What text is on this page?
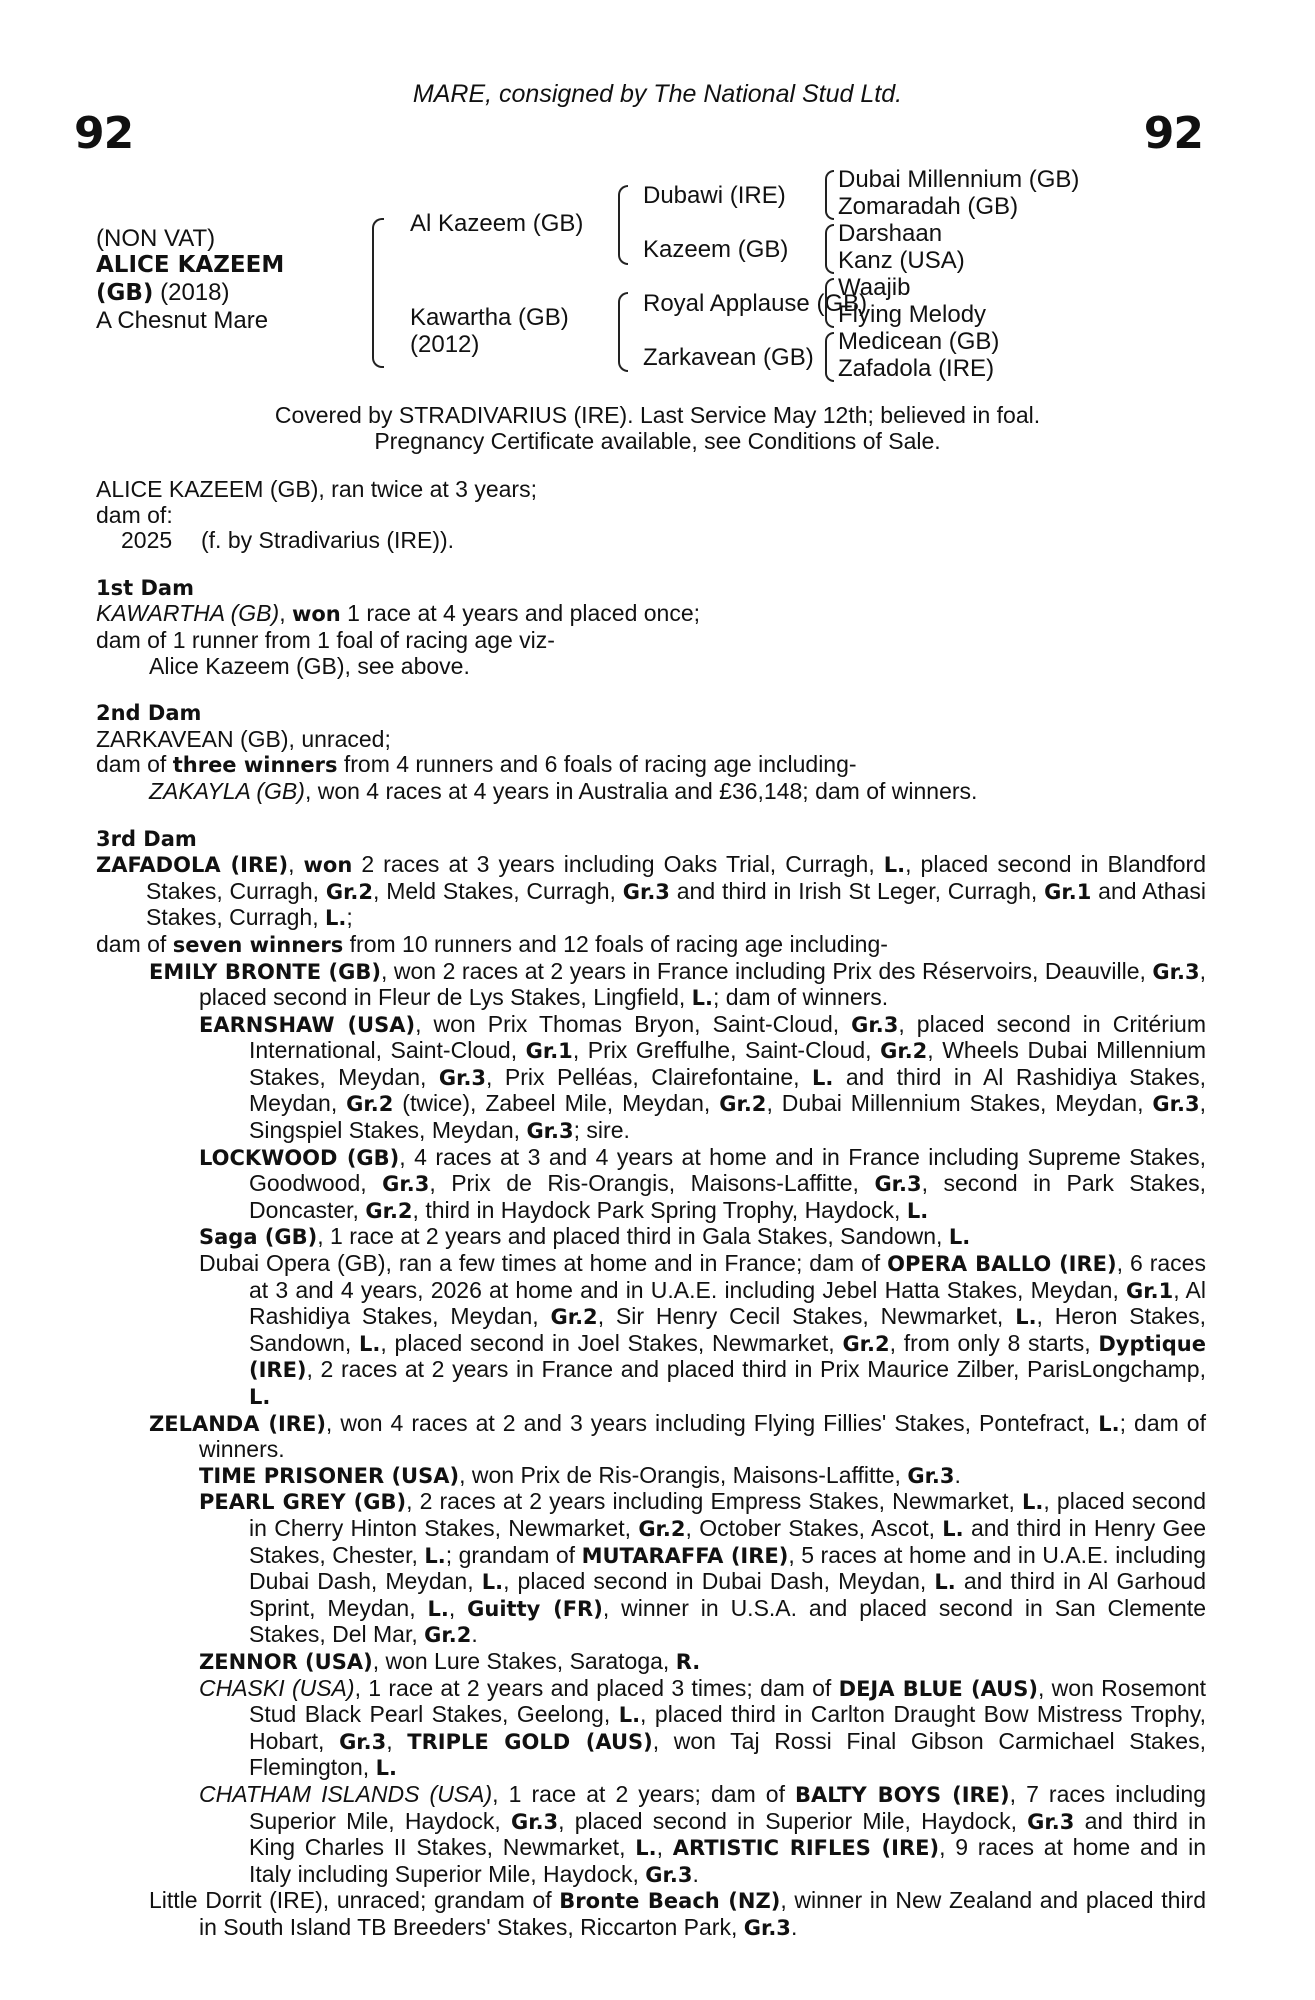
MARE, consigned by The National Stud Ltd.
92	92
(NON VAT)
ALICE KAZEEM
(GB) (2018)
A Chesnut Mare
Al Kazeem (GB)
Kawartha (GB)
(2012)
Dubawi (IRE)
Kazeem (GB)
Royal Applause (GB)
Zarkavean (GB)
Dubai Millennium (GB)
Zomaradah (GB)
Darshaan
Kanz (USA)
Waajib
Flying Melody
Medicean (GB)
Zafadola (IRE)
Covered by STRADIVARIUS (IRE). Last Service May 12th; believed in foal.
Pregnancy Certificate available, see Conditions of Sale.

ALICE KAZEEM (GB), ran twice at 3 years;

dam of:

2025 (f. by Stradivarius (IRE)).

1st Dam

KAWARTHA (GB), won 1 race at 4 years and placed once;

dam of 1 runner from 1 foal of racing age viz-

Alice Kazeem (GB), see above.

2nd Dam

ZARKAVEAN (GB), unraced;

dam of three winners from 4 runners and 6 foals of racing age including-

ZAKAYLA (GB), won 4 races at 4 years in Australia and £36,148; dam of winners.

3rd Dam

ZAFADOLA (IRE), won 2 races at 3 years including Oaks Trial, Curragh, L., placed second in Blandford Stakes, Curragh, Gr.2, Meld Stakes, Curragh, Gr.3 and third in Irish St Leger, Curragh, Gr.1 and Athasi Stakes, Curragh, L.;

dam of seven winners from 10 runners and 12 foals of racing age including-

EMILY BRONTE (GB), won 2 races at 2 years in France including Prix des Réservoirs, Deauville, Gr.3, placed second in Fleur de Lys Stakes, Lingfield, L.; dam of winners.

EARNSHAW (USA), won Prix Thomas Bryon, Saint-Cloud, Gr.3, placed second in Critérium International, Saint-Cloud, Gr.1, Prix Greffulhe, Saint-Cloud, Gr.2, Wheels Dubai Millennium Stakes, Meydan, Gr.3, Prix Pelléas, Clairefontaine, L. and third in Al Rashidiya Stakes, Meydan, Gr.2 (twice), Zabeel Mile, Meydan, Gr.2, Dubai Millennium Stakes, Meydan, Gr.3, Singspiel Stakes, Meydan, Gr.3; sire.

LOCKWOOD (GB), 4 races at 3 and 4 years at home and in France including Supreme Stakes, Goodwood, Gr.3, Prix de Ris-Orangis, Maisons-Laffitte, Gr.3, second in Park Stakes, Doncaster, Gr.2, third in Haydock Park Spring Trophy, Haydock, L.

Saga (GB), 1 race at 2 years and placed third in Gala Stakes, Sandown, L.

Dubai Opera (GB), ran a few times at home and in France; dam of OPERA BALLO (IRE), 6 races at 3 and 4 years, 2026 at home and in U.A.E. including Jebel Hatta Stakes, Meydan, Gr.1, Al Rashidiya Stakes, Meydan, Gr.2, Sir Henry Cecil Stakes, Newmarket, L., Heron Stakes, Sandown, L., placed second in Joel Stakes, Newmarket, Gr.2, from only 8 starts, Dyptique (IRE), 2 races at 2 years in France and placed third in Prix Maurice Zilber, ParisLongchamp, L.

ZELANDA (IRE), won 4 races at 2 and 3 years including Flying Fillies' Stakes, Pontefract, L.; dam of winners.

TIME PRISONER (USA), won Prix de Ris-Orangis, Maisons-Laffitte, Gr.3.

PEARL GREY (GB), 2 races at 2 years including Empress Stakes, Newmarket, L., placed second in Cherry Hinton Stakes, Newmarket, Gr.2, October Stakes, Ascot, L. and third in Henry Gee Stakes, Chester, L.; grandam of MUTARAFFA (IRE), 5 races at home and in U.A.E. including Dubai Dash, Meydan, L., placed second in Dubai Dash, Meydan, L. and third in Al Garhoud Sprint, Meydan, L., Guitty (FR), winner in U.S.A. and placed second in San Clemente Stakes, Del Mar, Gr.2.

ZENNOR (USA), won Lure Stakes, Saratoga, R.

CHASKI (USA), 1 race at 2 years and placed 3 times; dam of DEJA BLUE (AUS), won Rosemont Stud Black Pearl Stakes, Geelong, L., placed third in Carlton Draught Bow Mistress Trophy, Hobart, Gr.3, TRIPLE GOLD (AUS), won Taj Rossi Final Gibson Carmichael Stakes, Flemington, L.

CHATHAM ISLANDS (USA), 1 race at 2 years; dam of BALTY BOYS (IRE), 7 races including Superior Mile, Haydock, Gr.3, placed second in Superior Mile, Haydock, Gr.3 and third in King Charles II Stakes, Newmarket, L., ARTISTIC RIFLES (IRE), 9 races at home and in Italy including Superior Mile, Haydock, Gr.3.

Little Dorrit (IRE), unraced; grandam of Bronte Beach (NZ), winner in New Zealand and placed third in South Island TB Breeders' Stakes, Riccarton Park, Gr.3.
